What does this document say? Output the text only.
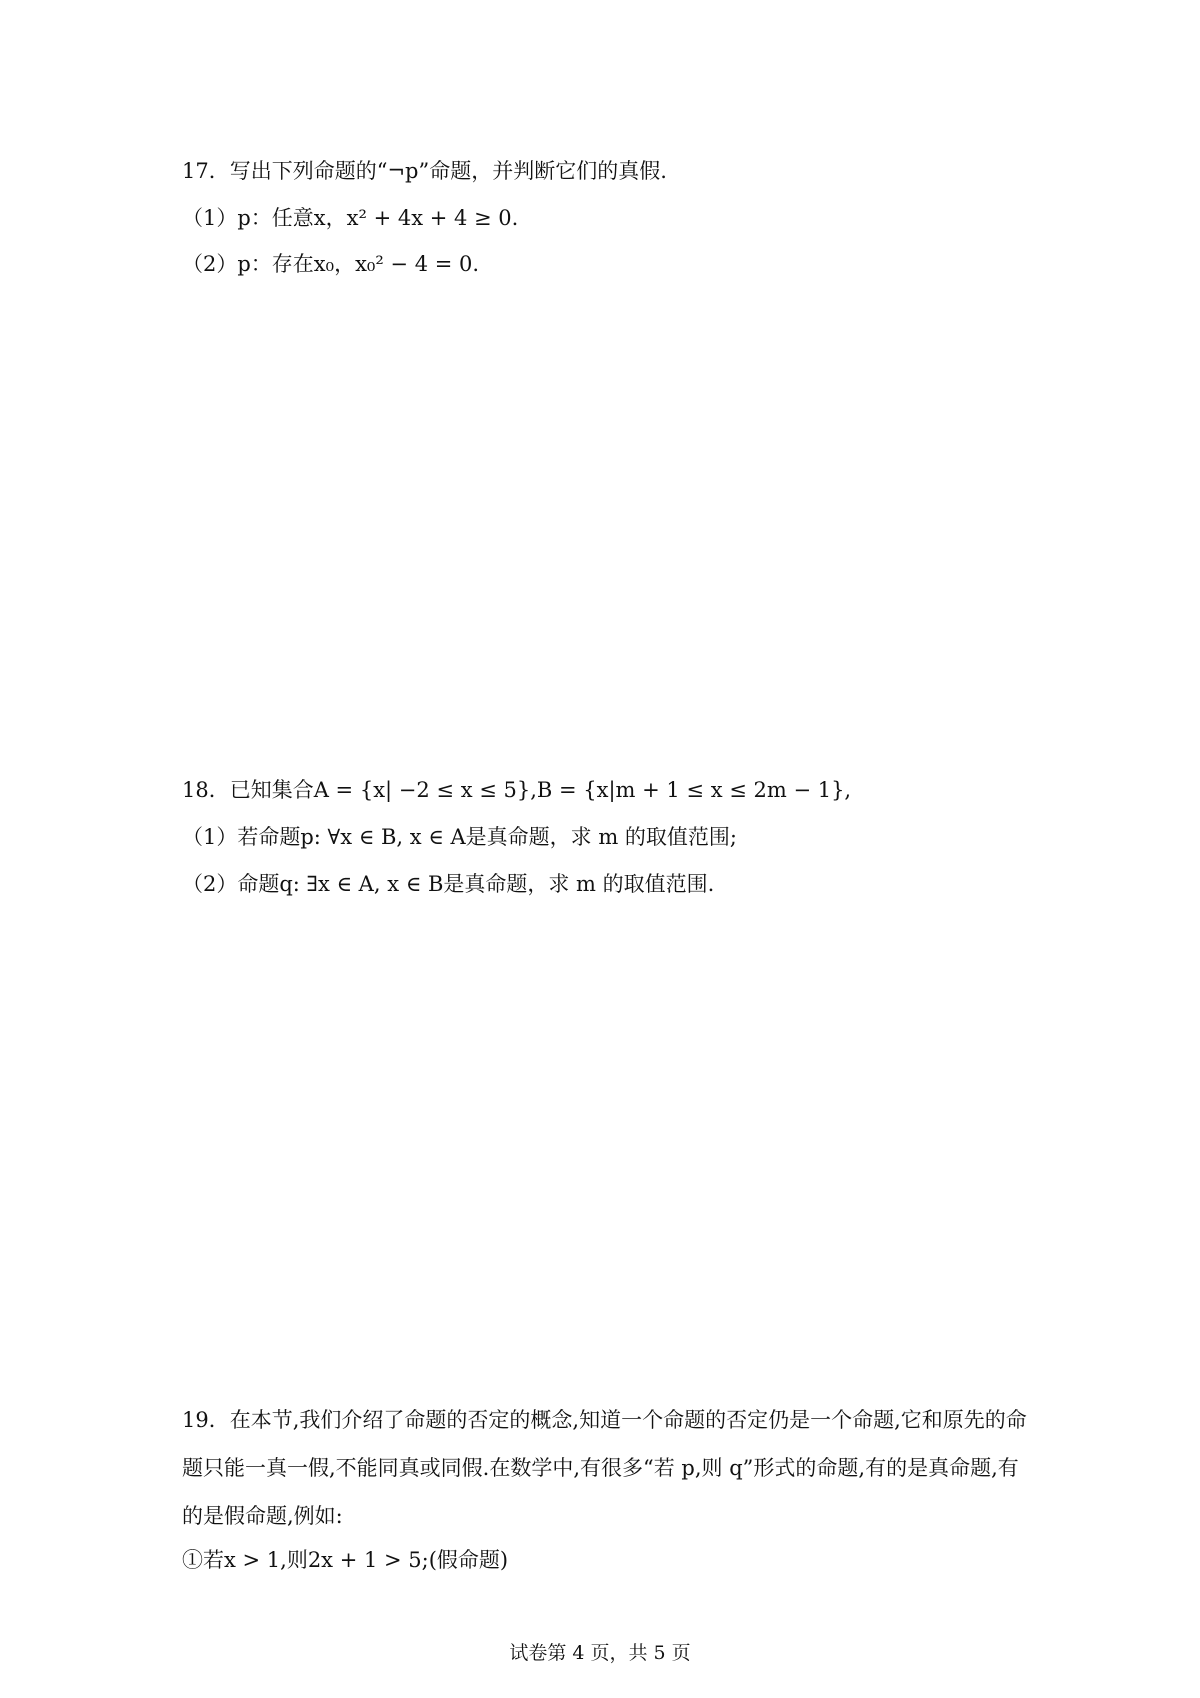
17．写出下列命题的“¬p”命题，并判断它们的真假.
（1）p：任意x，x² + 4x + 4 ≥ 0.
（2）p：存在x₀，x₀² − 4 = 0.
18．已知集合A = {x| −2 ≤ x ≤ 5},B = {x|m + 1 ≤ x ≤ 2m − 1},
（1）若命题p: ∀x ∈ B, x ∈ A是真命题，求 m 的取值范围;
（2）命题q: ∃x ∈ A, x ∈ B是真命题，求 m 的取值范围.
19．在本节,我们介绍了命题的否定的概念,知道一个命题的否定仍是一个命题,它和原先的命题只能一真一假,不能同真或同假.在数学中,有很多“若 p,则 q”形式的命题,有的是真命题,有的是假命题,例如:
①若x > 1,则2x + 1 > 5;(假命题)
试卷第 4 页，共 5 页
